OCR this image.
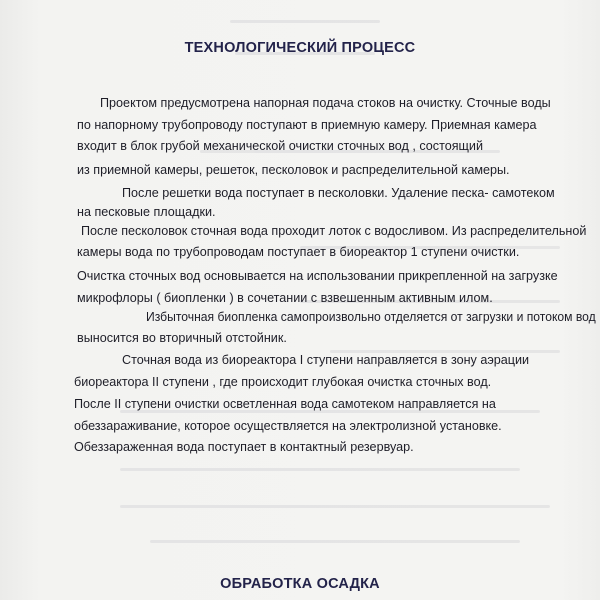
ТЕХНОЛОГИЧЕСКИЙ ПРОЦЕСС
Проектом предусмотрена напорная подача стоков на очистку. Сточные воды
по напорному трубопроводу поступают в приемную камеру. Приемная камера
входит в блок грубой механической очистки сточных вод , состоящий
из приемной камеры, решеток, песколовок и распределительной камеры.
После решетки вода поступает в песколовки. Удаление песка- самотеком
на песковые площадки.
После песколовок сточная вода проходит лоток с водосливом. Из распределительной
камеры вода по трубопроводам поступает в биореактор 1 ступени очистки.
Очистка сточных вод основывается на использовании прикрепленной на загрузке
микрофлоры ( биопленки ) в сочетании с взвешенным активным илом.
Избыточная биопленка самопроизвольно отделяется от загрузки и потоком вод
выносится во вторичный отстойник.
Сточная вода из биореактора I ступени направляется в зону аэрации
биореактора II ступени , где происходит глубокая очистка сточных вод.
После II ступени очистки осветленная вода самотеком направляется на
обеззараживание, которое осуществляется на электролизной установке.
Обеззараженная вода поступает в контактный резервуар.
ОБРАБОТКА ОСАДКА
